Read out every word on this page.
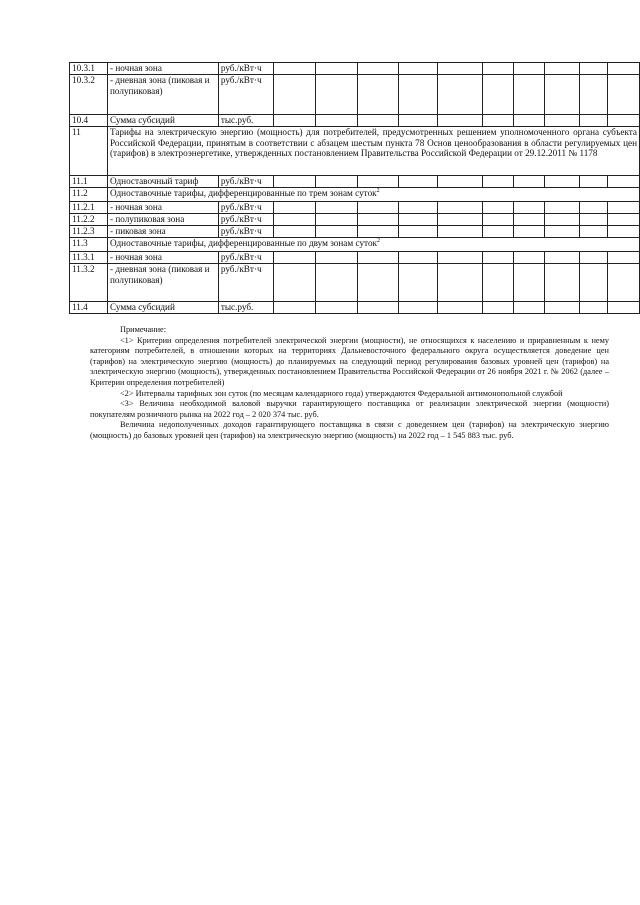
10.3.1	- ночная зона	руб./кВт·ч										
10.3.2	- дневная зона (пиковая и полупиковая)	руб./кВт·ч										
10.4	Сумма субсидий	тыс.руб.										
11	Тарифы на электрическую энергию (мощность) для потребителей, предусмотренных решением уполномоченного органа субъекта Российской Федерации, принятым в соответствии с абзацем шестым пункта 78 Основ ценообразования в области регулируемых цен (тарифов) в электроэнергетике, утвержденных постановлением Правительства Российской Федерации от 29.12.2011 № 1178											
11.1	Одноставочный тариф	руб./кВт·ч										
11.2	Одноставочные тарифы, дифференцированные по трем зонам суток$^2$
11.2.1	- ночная зона	руб./кВт·ч										
11.2.2	- полупиковая зона	руб./кВт·ч										
11.2.3	- пиковая зона	руб./кВт·ч										
11.3	Одноставочные тарифы, дифференцированные по двум зонам суток$^2$
11.3.1	- ночная зона	руб./кВт·ч										
11.3.2	- дневная зона (пиковая и полупиковая)	руб./кВт·ч										
11.4	Сумма субсидий	тыс.руб.										

Примечание:

<1> Критерии определения потребителей электрической энергии (мощности), не относящихся к населению и приравненным к нему категориям потребителей, в отношении которых на территориях Дальневосточного федерального округа осуществляется доведение цен (тарифов) на электрическую энергию (мощность) до планируемых на следующий период регулирования базовых уровней цен (тарифов) на электрическую энергию (мощность), утвержденных постановлением Правительства Российской Федерации от 26 ноября 2021 г. № 2062 (далее – Критерии определения потребителей)

<2> Интервалы тарифных зон суток (по месяцам календарного года) утверждаются Федеральной антимонопольной службой

<3> Величина необходимой валовой выручки гарантирующего поставщика от реализации электрической энергии (мощности) покупателям розничного рынка на 2022 год – 2 020 374 тыс. руб.

Величина недополученных доходов гарантирующего поставщика в связи с доведением цен (тарифов) на электрическую энергию (мощность) до базовых уровней цен (тарифов) на электрическую энергию (мощность) на 2022 год – 1 545 883 тыс. руб.
